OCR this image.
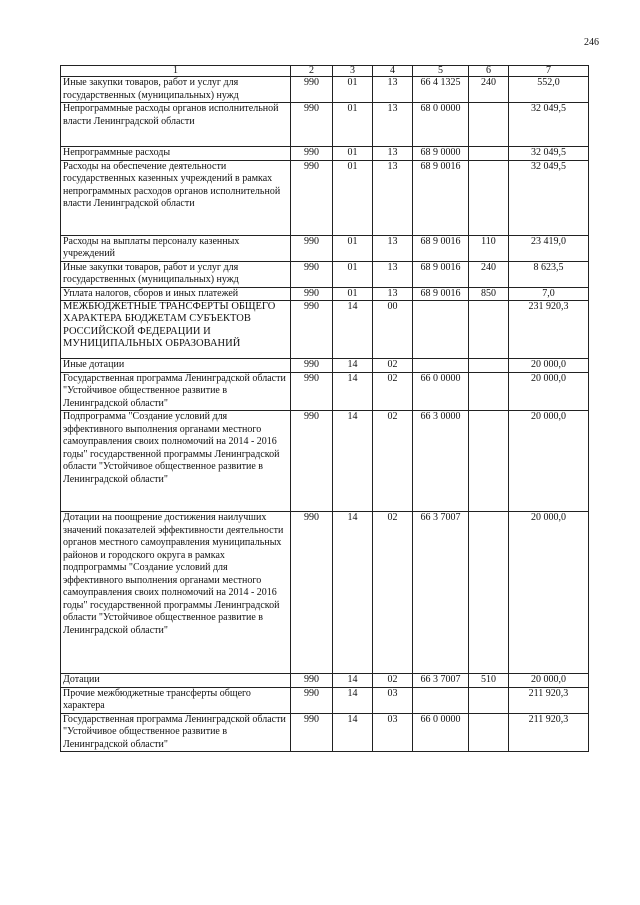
246
1	2	3	4	5	6	7
Иные закупки товаров, работ и услуг для государственных (муниципальных) нужд	990	01	13	66 4 1325	240	552,0
Непрограммные расходы органов исполнительной власти Ленинградской области	990	01	13	68 0 0000		32 049,5
Непрограммные расходы	990	01	13	68 9 0000		32 049,5
Расходы на обеспечение деятельности государственных казенных учреждений в рамках непрограммных расходов органов исполнительной власти Ленинградской области	990	01	13	68 9 0016		32 049,5
Расходы на выплаты персоналу казенных учреждений	990	01	13	68 9 0016	110	23 419,0
Иные закупки товаров, работ и услуг для государственных (муниципальных) нужд	990	01	13	68 9 0016	240	8 623,5
Уплата налогов, сборов и иных платежей	990	01	13	68 9 0016	850	7,0
МЕЖБЮДЖЕТНЫЕ ТРАНСФЕРТЫ ОБЩЕГО ХАРАКТЕРА БЮДЖЕТАМ СУБЪЕКТОВ РОССИЙСКОЙ ФЕДЕРАЦИИ И МУНИЦИПАЛЬНЫХ ОБРАЗОВАНИЙ	990	14	00			231 920,3
Иные дотации	990	14	02			20 000,0
Государственная программа Ленинградской области "Устойчивое общественное развитие в Ленинградской области"	990	14	02	66 0 0000		20 000,0
Подпрограмма "Создание условий для эффективного выполнения органами местного самоуправления своих полномочий на 2014 - 2016 годы" государственной программы Ленинградской области "Устойчивое общественное развитие в Ленинградской области"	990	14	02	66 3 0000		20 000,0
Дотации на поощрение достижения наилучших значений показателей эффективности деятельности органов местного самоуправления муниципальных районов и городского округа в рамках подпрограммы "Создание условий для эффективного выполнения органами местного самоуправления своих полномочий на 2014 - 2016 годы" государственной программы Ленинградской области "Устойчивое общественное развитие в Ленинградской области"	990	14	02	66 3 7007		20 000,0
Дотации	990	14	02	66 3 7007	510	20 000,0
Прочие межбюджетные трансферты общего характера	990	14	03			211 920,3
Государственная программа Ленинградской области "Устойчивое общественное развитие в Ленинградской области"	990	14	03	66 0 0000		211 920,3
